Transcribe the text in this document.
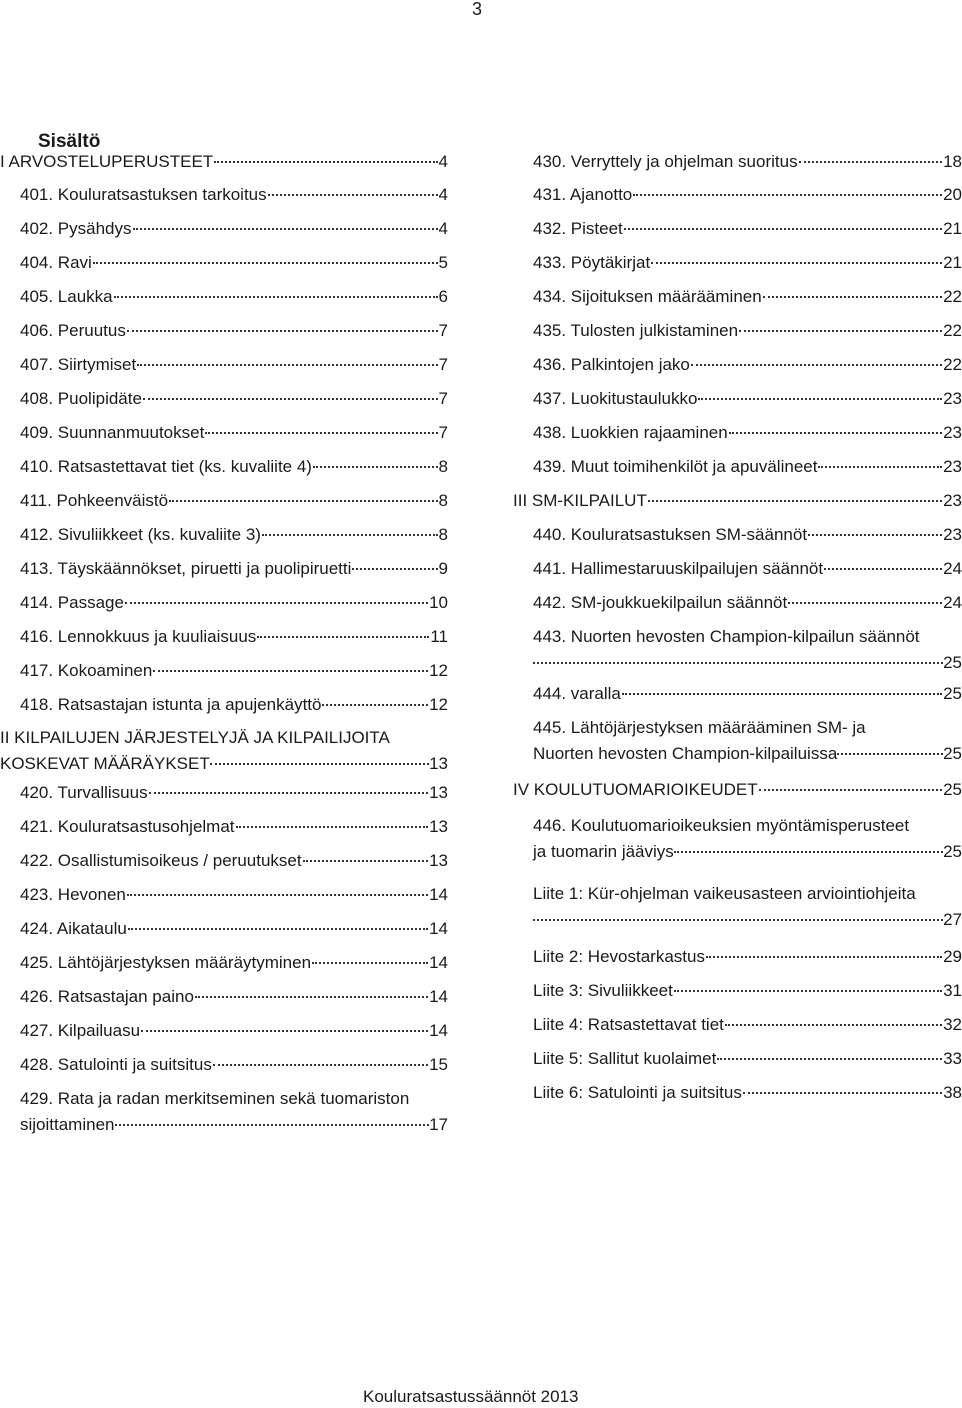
3
Sisältö
I ARVOSTELUPERUSTEET	4
401. Kouluratsastuksen tarkoitus	4
402. Pysähdys	4
404. Ravi	5
405. Laukka	6
406. Peruutus	7
407. Siirtymiset	7
408. Puolipidäte	7
409. Suunnanmuutokset	7
410. Ratsastettavat tiet (ks. kuvaliite 4)	8
411. Pohkeenväistö	8
412. Sivuliikkeet (ks. kuvaliite 3)	8
413. Täyskäännökset, piruetti ja puolipiruetti	9
414. Passage	10
416. Lennokkuus ja kuuliaisuus	11
417. Kokoaminen	12
418. Ratsastajan istunta ja apujenkäyttö	12
II KILPAILUJEN JÄRJESTELYJÄ JA KILPAILIJOITA
KOSKEVAT MÄÄRÄYKSET	13
420. Turvallisuus	13
421. Kouluratsastusohjelmat	13
422. Osallistumisoikeus / peruutukset	13
423. Hevonen	14
424. Aikataulu	14
425. Lähtöjärjestyksen määräytyminen	14
426. Ratsastajan paino	14
427. Kilpailuasu	14
428. Satulointi ja suitsitus	15
429. Rata ja radan merkitseminen sekä tuomariston
sijoittaminen	17
430. Verryttely ja ohjelman suoritus	18
431. Ajanotto	20
432. Pisteet	21
433. Pöytäkirjat	21
434. Sijoituksen määrääminen	22
435. Tulosten julkistaminen	22
436. Palkintojen jako	22
437. Luokitustaulukko	23
438. Luokkien rajaaminen	23
439. Muut toimihenkilöt ja apuvälineet	23
III SM-KILPAILUT	23
440. Kouluratsastuksen SM-säännöt	23
441. Hallimestaruuskilpailujen säännöt	24
442. SM-joukkuekilpailun säännöt	24
443. Nuorten hevosten Champion-kilpailun säännöt
25
444. varalla	25
445. Lähtöjärjestyksen määrääminen SM- ja
Nuorten hevosten Champion-kilpailuissa	25
IV KOULUTUOMARIOIKEUDET	25
446. Koulutuomarioikeuksien myöntämisperusteet
ja tuomarin jääviys	25
Liite 1: Kür-ohjelman vaikeusasteen arviointiohjeita
27
Liite 2: Hevostarkastus	29
Liite 3: Sivuliikkeet	31
Liite 4: Ratsastettavat tiet	32
Liite 5: Sallitut kuolaimet	33
Liite 6: Satulointi ja suitsitus	38
Kouluratsastussäännöt 2013
